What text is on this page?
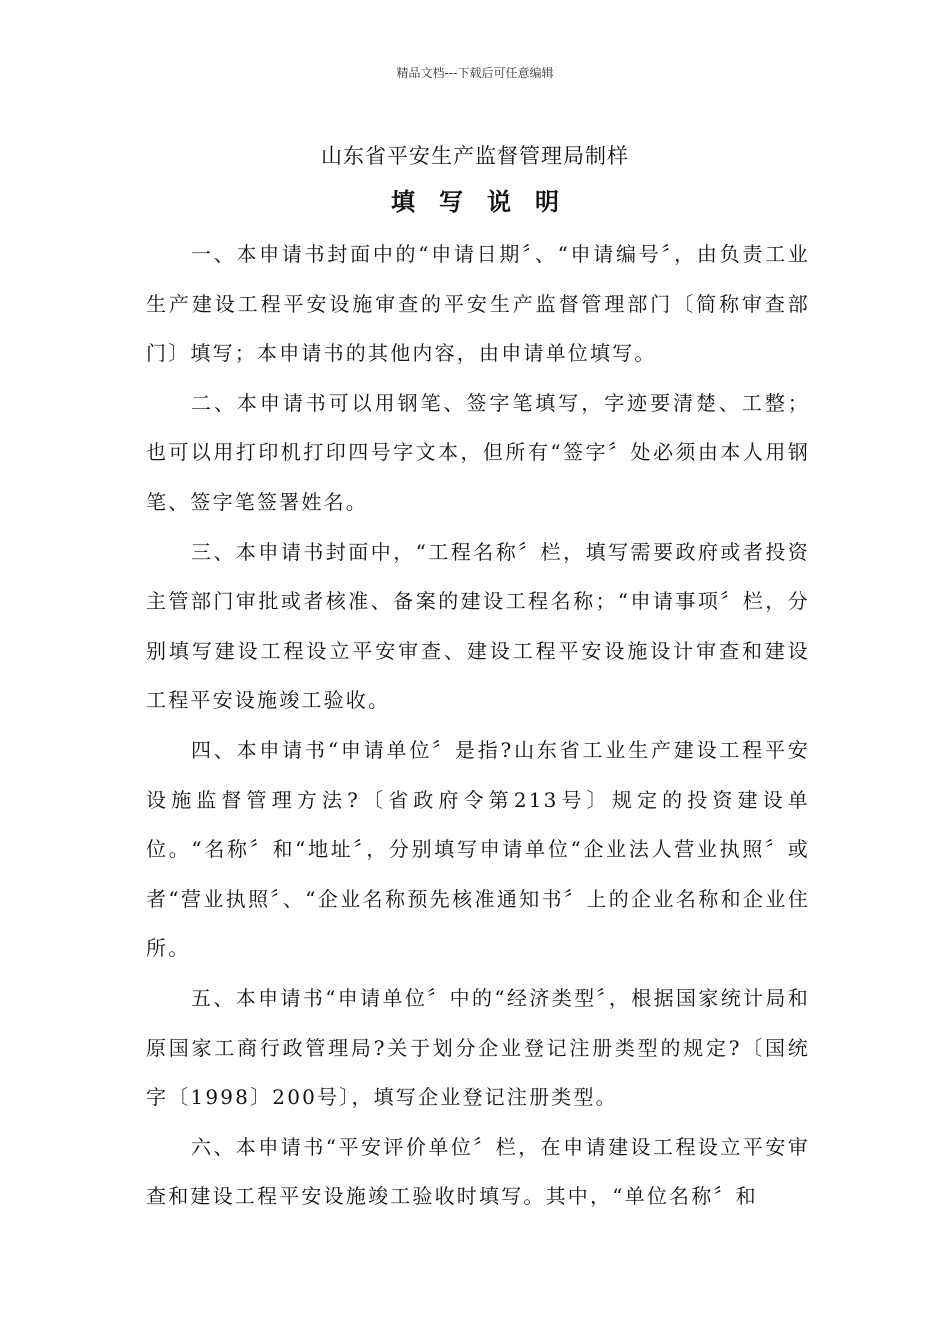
精品文档---下载后可任意编辑
山东省平安生产监督管理局制样
填写说明

一、本申请书封面中的“申请日期〞、“申请编号〞，由负责工业生产建设工程平安设施审查的平安生产监督管理部门〔简称审查部门〕填写；本申请书的其他内容，由申请单位填写。

二、本申请书可以用钢笔、签字笔填写，字迹要清楚、工整；也可以用打印机打印四号字文本，但所有“签字〞处必须由本人用钢笔、签字笔签署姓名。

三、本申请书封面中，“工程名称〞栏，填写需要政府或者投资主管部门审批或者核准、备案的建设工程名称；“申请事项〞栏，分别填写建设工程设立平安审查、建设工程平安设施设计审查和建设工程平安设施竣工验收。

四、本申请书“申请单位〞是指?山东省工业生产建设工程平安设施监督管理方法?〔省政府令第213号〕规定的投资建设单位。“名称〞和“地址〞，分别填写申请单位“企业法人营业执照〞或者“营业执照〞、“企业名称预先核准通知书〞上的企业名称和企业住所。

五、本申请书“申请单位〞中的“经济类型〞，根据国家统计局和原国家工商行政管理局?关于划分企业登记注册类型的规定?〔国统字〔1998〕200号〕，填写企业登记注册类型。

六、本申请书“平安评价单位〞栏，在申请建设工程设立平安审查和建设工程平安设施竣工验收时填写。其中，“单位名称〞和
